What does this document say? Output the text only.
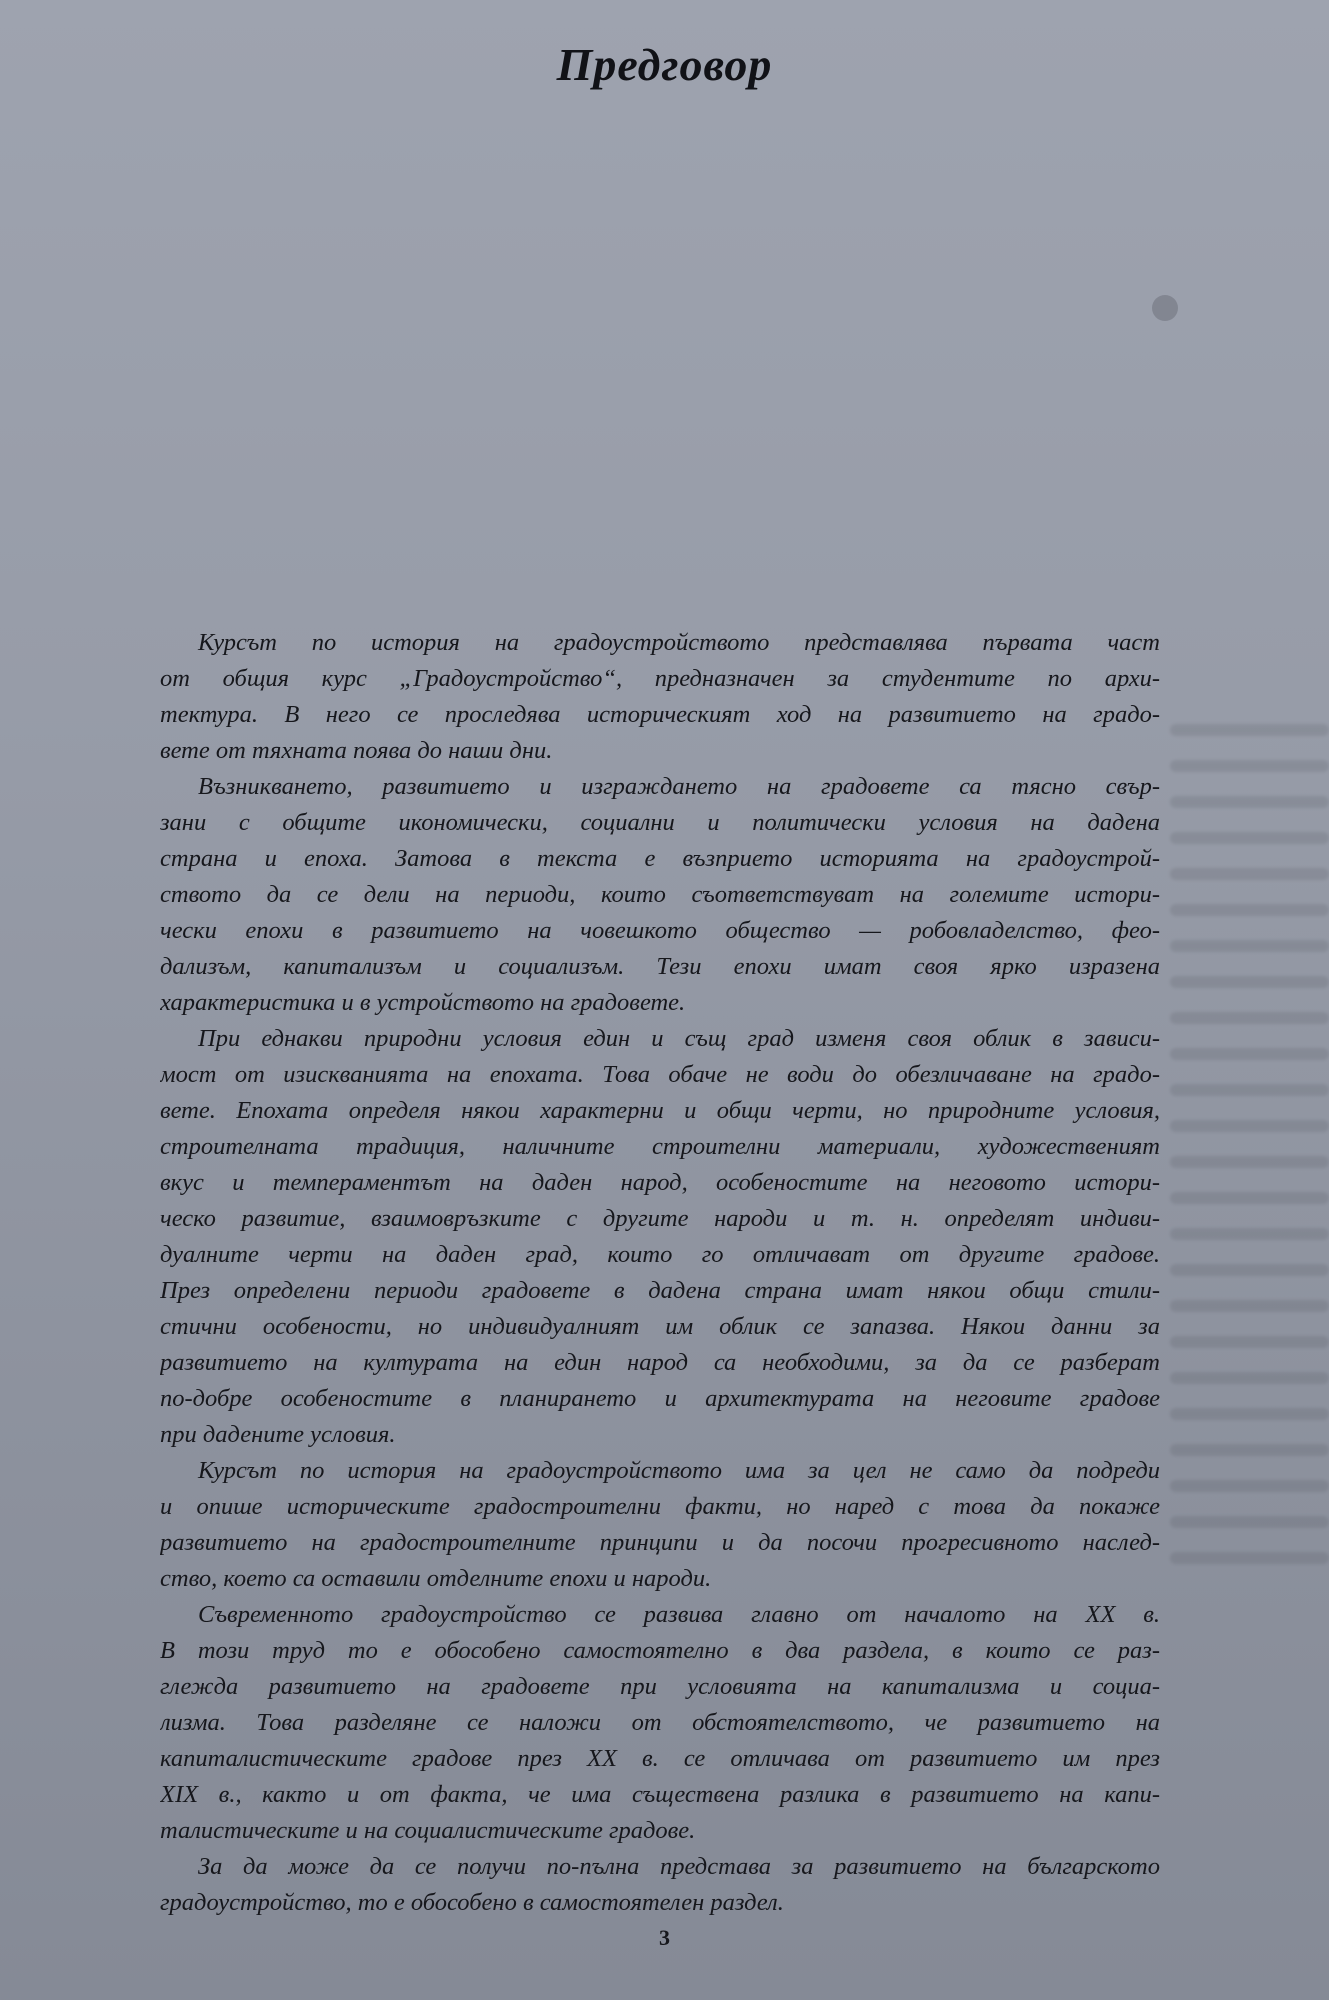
Предговор
Курсът по история на градоустройството представлява първата част
от общия курс „Градоустройство“, предназначен за студентите по архи-
тектура. В него се проследява историческият ход на развитието на градо-
вете от тяхната поява до наши дни.
Възникването, развитието и изграждането на градовете са тясно свър-
зани с общите икономически, социални и политически условия на дадена
страна и епоха. Затова в текста е възприето историята на градоустрой-
ството да се дели на периоди, които съответствуват на големите истори-
чески епохи в развитието на човешкото общество — робовладелство, фео-
дализъм, капитализъм и социализъм. Тези епохи имат своя ярко изразена
характеристика и в устройството на градовете.
При еднакви природни условия един и същ град изменя своя облик в зависи-
мост от изискванията на епохата. Това обаче не води до обезличаване на градо-
вете. Епохата определя някои характерни и общи черти, но природните условия,
строителната традиция, наличните строителни материали, художественият
вкус и темпераментът на даден народ, особеностите на неговото истори-
ческо развитие, взаимовръзките с другите народи и т. н. определят индиви-
дуалните черти на даден град, които го отличават от другите градове.
През определени периоди градовете в дадена страна имат някои общи стили-
стични особености, но индивидуалният им облик се запазва. Някои данни за
развитието на културата на един народ са необходими, за да се разберат
по-добре особеностите в планирането и архитектурата на неговите градове
при дадените условия.
Курсът по история на градоустройството има за цел не само да подреди
и опише историческите градостроителни факти, но наред с това да покаже
развитието на градостроителните принципи и да посочи прогресивното наслед-
ство, което са оставили отделните епохи и народи.
Съвременното градоустройство се развива главно от началото на XX в.
В този труд то е обособено самостоятелно в два раздела, в които се раз-
глежда развитието на градовете при условията на капитализма и социа-
лизма. Това разделяне се наложи от обстоятелството, че развитието на
капиталистическите градове през XX в. се отличава от развитието им през
XIX в., както и от факта, че има съществена разлика в развитието на капи-
талистическите и на социалистическите градове.
За да може да се получи по-пълна представа за развитието на българското
градоустройство, то е обособено в самостоятелен раздел.
3
